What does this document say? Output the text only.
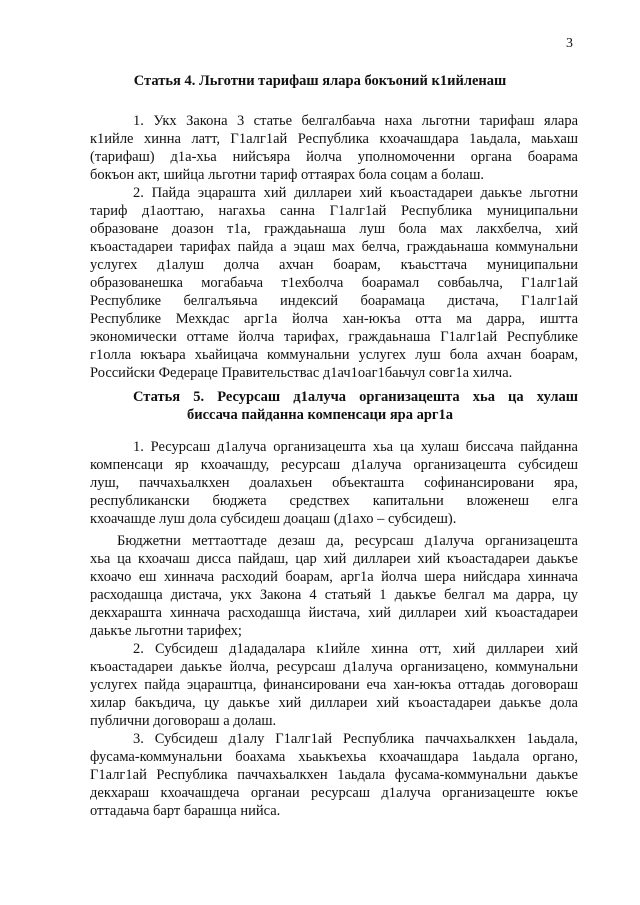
3
Статья 4. Льготни тарифаш ялара бокъоний к1ийленаш
1. Укх Закона 3 статье белгалбаьча наха льготни тарифаш ялара
к1ийле хинна латт, Г1алг1ай Республика кхоачашдара 1аьдала, маьхаш
(тарифаш) д1а-хьа нийсъяра йолча уполномоченни органа боарама
бокъон акт, шийца льготни тариф оттаярах бола соцам а болаш.
2. Пайда эцараштa хий диллареи хий къоастадареи даькъе льготни
тариф д1аоттаю, нагахьа санна Г1алг1ай Республика муниципальни
образоване доазон т1а, граждаьнаша луш бола мах лакхбелча, хий
къоастадареи тарифах пайда а эцаш мах белча, граждаьнаша коммунальни
услугех д1алуш долча ахчан боарам, къаьсттача муниципальни
образованешка могабаьча т1ехболча боарамал совбаьлча, Г1алг1ай
Республике белгалъяьча индексий боарамаца дистача, Г1алг1ай
Республике Мехкдас арг1а йолча хан-юкъа отта ма дарра, иштта
экономически оттаме йолча тарифах, граждаьнаша Г1алг1ай Республике
г1олла юкъара хьайицача коммунальни услугех луш бола ахчан боарам,
Российски Федераце Правительствас д1ач1оаг1баьчул совг1а хилча.
Статья 5. Ресурсаш д1алуча организацешта хьа ца хулаш
биссача пайданна компенсаци яра арг1а
1. Ресурсаш д1алуча организацешта хьа ца хулаш биссача пайданна
компенсаци яр кхоачашду, ресурсаш д1алуча организацешта субсидеш
луш, паччахьалкхен доалахьен объекташта софинансировани яра,
республикански бюджета средствех капитальни вложенеш елга
кхоачашде луш дола субсидеш доацаш (д1ахо – субсидеш).
Бюджетни меттаоттаде дезаш да, ресурсаш д1алуча организацешта
хьа ца кхоачаш дисса пайдаш, цар хий диллареи хий къоастадареи даькъе
кхоачо еш хиннача расходий боарам, арг1а йолча шера нийсдара хиннача
расходашца дистача, укх Закона 4 статьяй 1 даькъе белгал ма дарра, цу
декхараштa хиннача расходашца йистача, хий диллареи хий къоастадареи
даькъе льготни тарифех;
2. Субсидеш д1ададалара к1ийле хинна отт, хий диллареи хий
къоастадареи даькъе йолча, ресурсаш д1алуча организацено, коммунальни
услугех пайда эцараштца, финансировани еча хан-юкъа оттадаь договораш
хилар бакъдича, цу даькъе хий диллареи хий къоастадареи даькъе дола
публични договораш а долаш.
3. Субсидеш д1алу Г1алг1ай Республика паччахьалкхен 1аьдала,
фусама-коммунальни боахама хьаькъехьа кхоачашдара 1аьдала органо,
Г1алг1ай Республика паччахьалкхен 1аьдала фусама-коммунальни даькъе
декхараш кхоачашдеча органаи ресурсаш д1алуча организацеште юкъе
оттадаьча барт барашца нийса.
